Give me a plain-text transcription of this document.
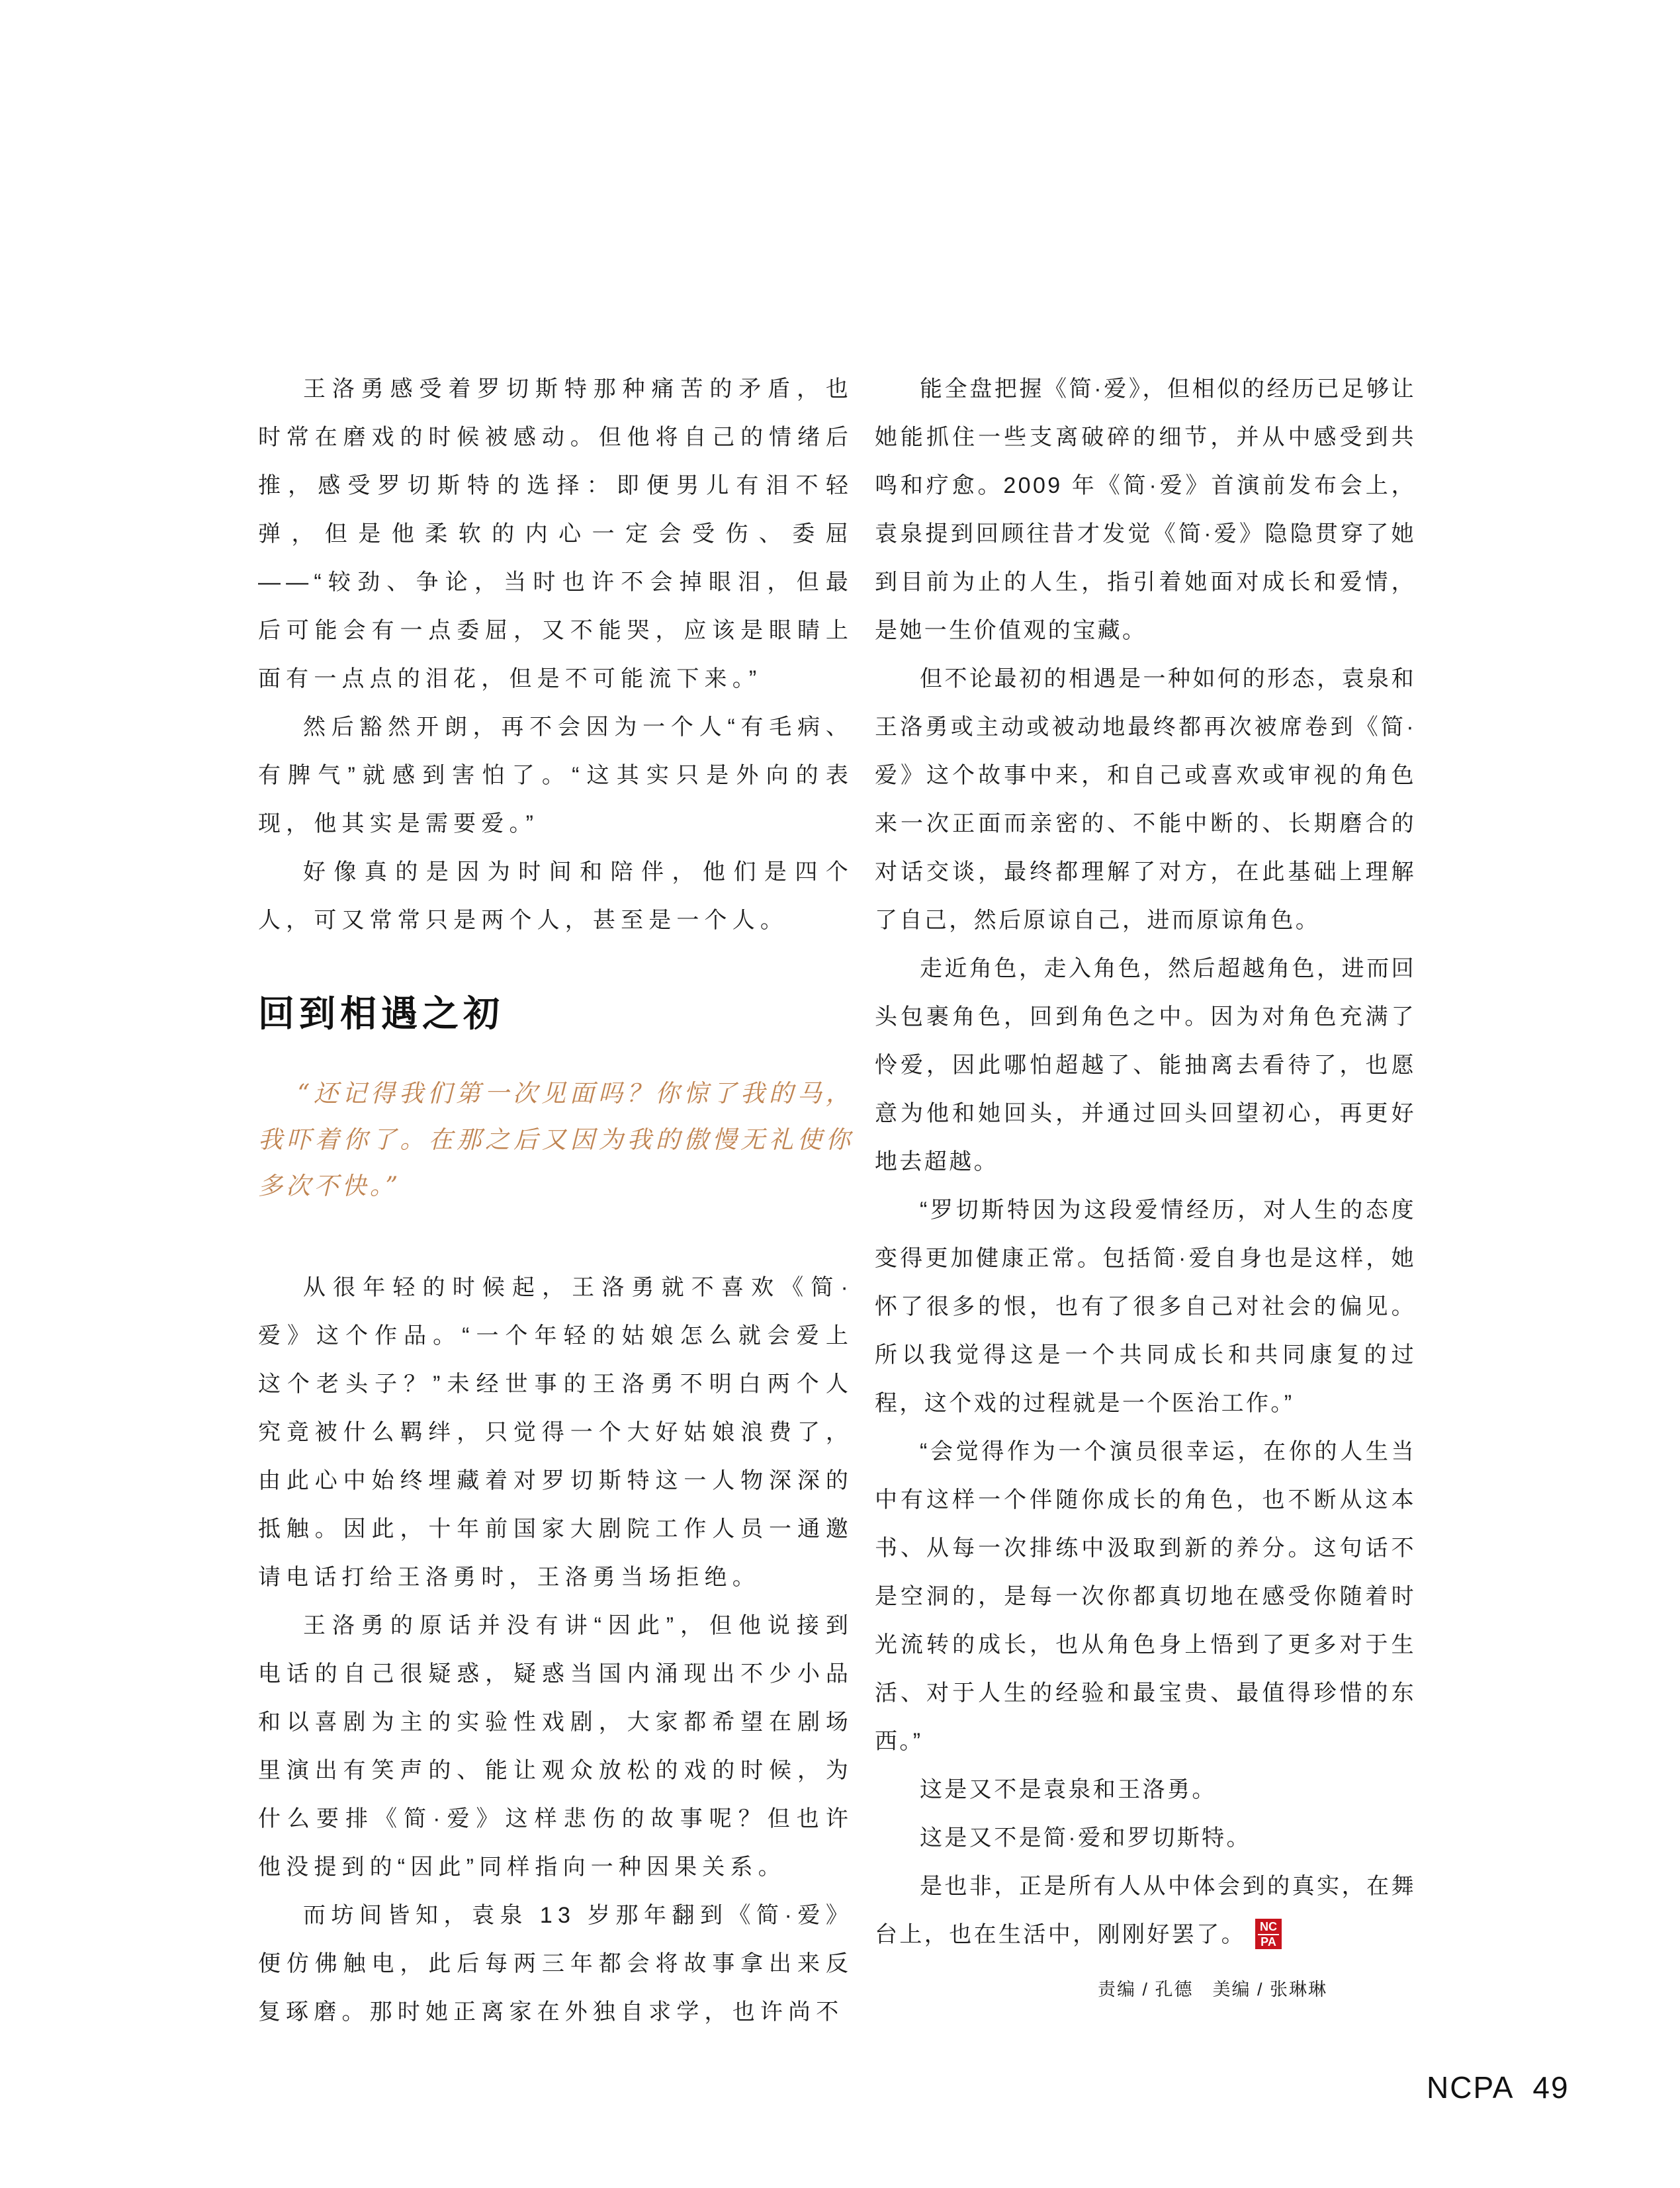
王洛勇感受着罗切斯特那种痛苦的矛盾，也时常在磨戏的时候被感动。但他将自己的情绪后推，感受罗切斯特的选择：即便男儿有泪不轻弹，但是他柔软的内心一定会受伤、委屈——“较劲、争论，当时也许不会掉眼泪，但最后可能会有一点委屈，又不能哭，应该是眼睛上面有一点点的泪花，但是不可能流下来。”

然后豁然开朗，再不会因为一个人“有毛病、有脾气”就感到害怕了。“这其实只是外向的表现，他其实是需要爱。”

好像真的是因为时间和陪伴，他们是四个人，可又常常只是两个人，甚至是一个人。

回到相遇之初

“还记得我们第一次见面吗？你惊了我的马，我吓着你了。在那之后又因为我的傲慢无礼使你多次不快。”

从很年轻的时候起，王洛勇就不喜欢《简·爱》这个作品。“一个年轻的姑娘怎么就会爱上这个老头子？”未经世事的王洛勇不明白两个人究竟被什么羁绊，只觉得一个大好姑娘浪费了，由此心中始终埋藏着对罗切斯特这一人物深深的抵触。因此，十年前国家大剧院工作人员一通邀请电话打给王洛勇时，王洛勇当场拒绝。

王洛勇的原话并没有讲“因此”，但他说接到电话的自己很疑惑，疑惑当国内涌现出不少小品和以喜剧为主的实验性戏剧，大家都希望在剧场里演出有笑声的、能让观众放松的戏的时候，为什么要排《简·爱》这样悲伤的故事呢？但也许他没提到的“因此”同样指向一种因果关系。

而坊间皆知，袁泉 13 岁那年翻到《简·爱》便仿佛触电，此后每两三年都会将故事拿出来反复琢磨。那时她正离家在外独自求学，也许尚不

能全盘把握《简·爱》，但相似的经历已足够让她能抓住一些支离破碎的细节，并从中感受到共鸣和疗愈。2009 年《简·爱》首演前发布会上，袁泉提到回顾往昔才发觉《简·爱》隐隐贯穿了她到目前为止的人生，指引着她面对成长和爱情，是她一生价值观的宝藏。

但不论最初的相遇是一种如何的形态，袁泉和王洛勇或主动或被动地最终都再次被席卷到《简·爱》这个故事中来，和自己或喜欢或审视的角色来一次正面而亲密的、不能中断的、长期磨合的对话交谈，最终都理解了对方，在此基础上理解了自己，然后原谅自己，进而原谅角色。

走近角色，走入角色，然后超越角色，进而回头包裹角色，回到角色之中。因为对角色充满了怜爱，因此哪怕超越了、能抽离去看待了，也愿意为他和她回头，并通过回头回望初心，再更好地去超越。

“罗切斯特因为这段爱情经历，对人生的态度变得更加健康正常。包括简·爱自身也是这样，她怀了很多的恨，也有了很多自己对社会的偏见。所以我觉得这是一个共同成长和共同康复的过程，这个戏的过程就是一个医治工作。”

“会觉得作为一个演员很幸运，在你的人生当中有这样一个伴随你成长的角色，也不断从这本书、从每一次排练中汲取到新的养分。这句话不是空洞的，是每一次你都真切地在感受你随着时光流转的成长，也从角色身上悟到了更多对于生活、对于人生的经验和最宝贵、最值得珍惜的东西。”

这是又不是袁泉和王洛勇。

这是又不是简·爱和罗切斯特。

是也非，正是所有人从中体会到的真实，在舞台上，也在生活中，刚刚好罢了。 $\frac{NC}{PA}$

责编 / 孔德　美编 / 张琳琳

NCPA 49
